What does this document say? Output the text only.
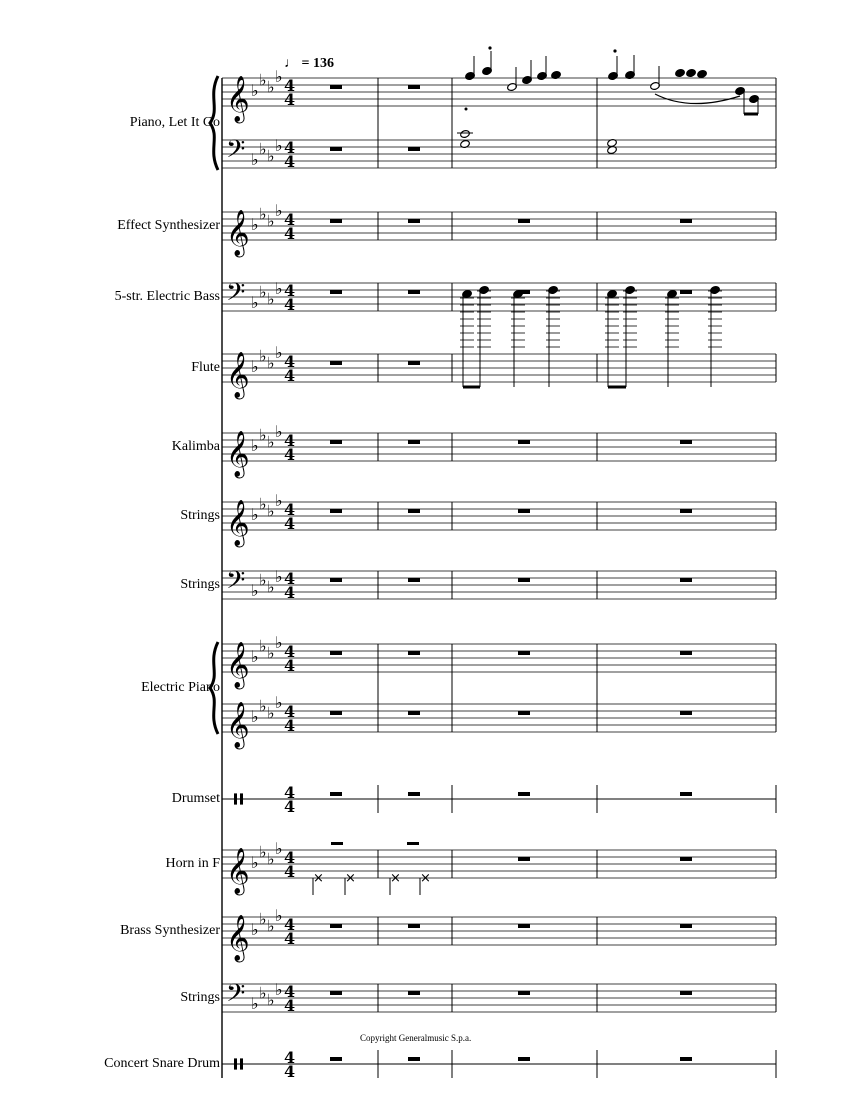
𝄞 ♭
♭ ♭
♭ 4
4
𝄢 ♭
♭ ♭
♭ 4
4
𝄞 ♭
♭ ♭
♭ 4
4
𝄢 ♭
♭ ♭
♭ 4
4
𝄞 ♭
♭ ♭
♭ 4
4
𝄞 ♭
♭ ♭
♭ 4
4
𝄞 ♭
♭ ♭
♭ 4
4
𝄢 ♭
♭ ♭
♭ 4
4
𝄞 ♭
♭ ♭
♭ 4
4
𝄞 ♭
♭ ♭
♭ 4
4
4
4
𝄞 ♭
♭ ♭
♭ 4
4
𝄞 ♭
♭ ♭
♭ 4
4
𝄢 ♭
♭ ♭
♭ 4
4
4
4
× ×	× ×
♩ = 136
Piano, Let It Go
Effect Synthesizer
5-str. Electric Bass
Flute
Kalimba
Strings
Strings
Electric Piano
Drumset
Horn in F
Brass Synthesizer
Strings
Concert Snare Drum
Copyright Generalmusic S.p.a.
